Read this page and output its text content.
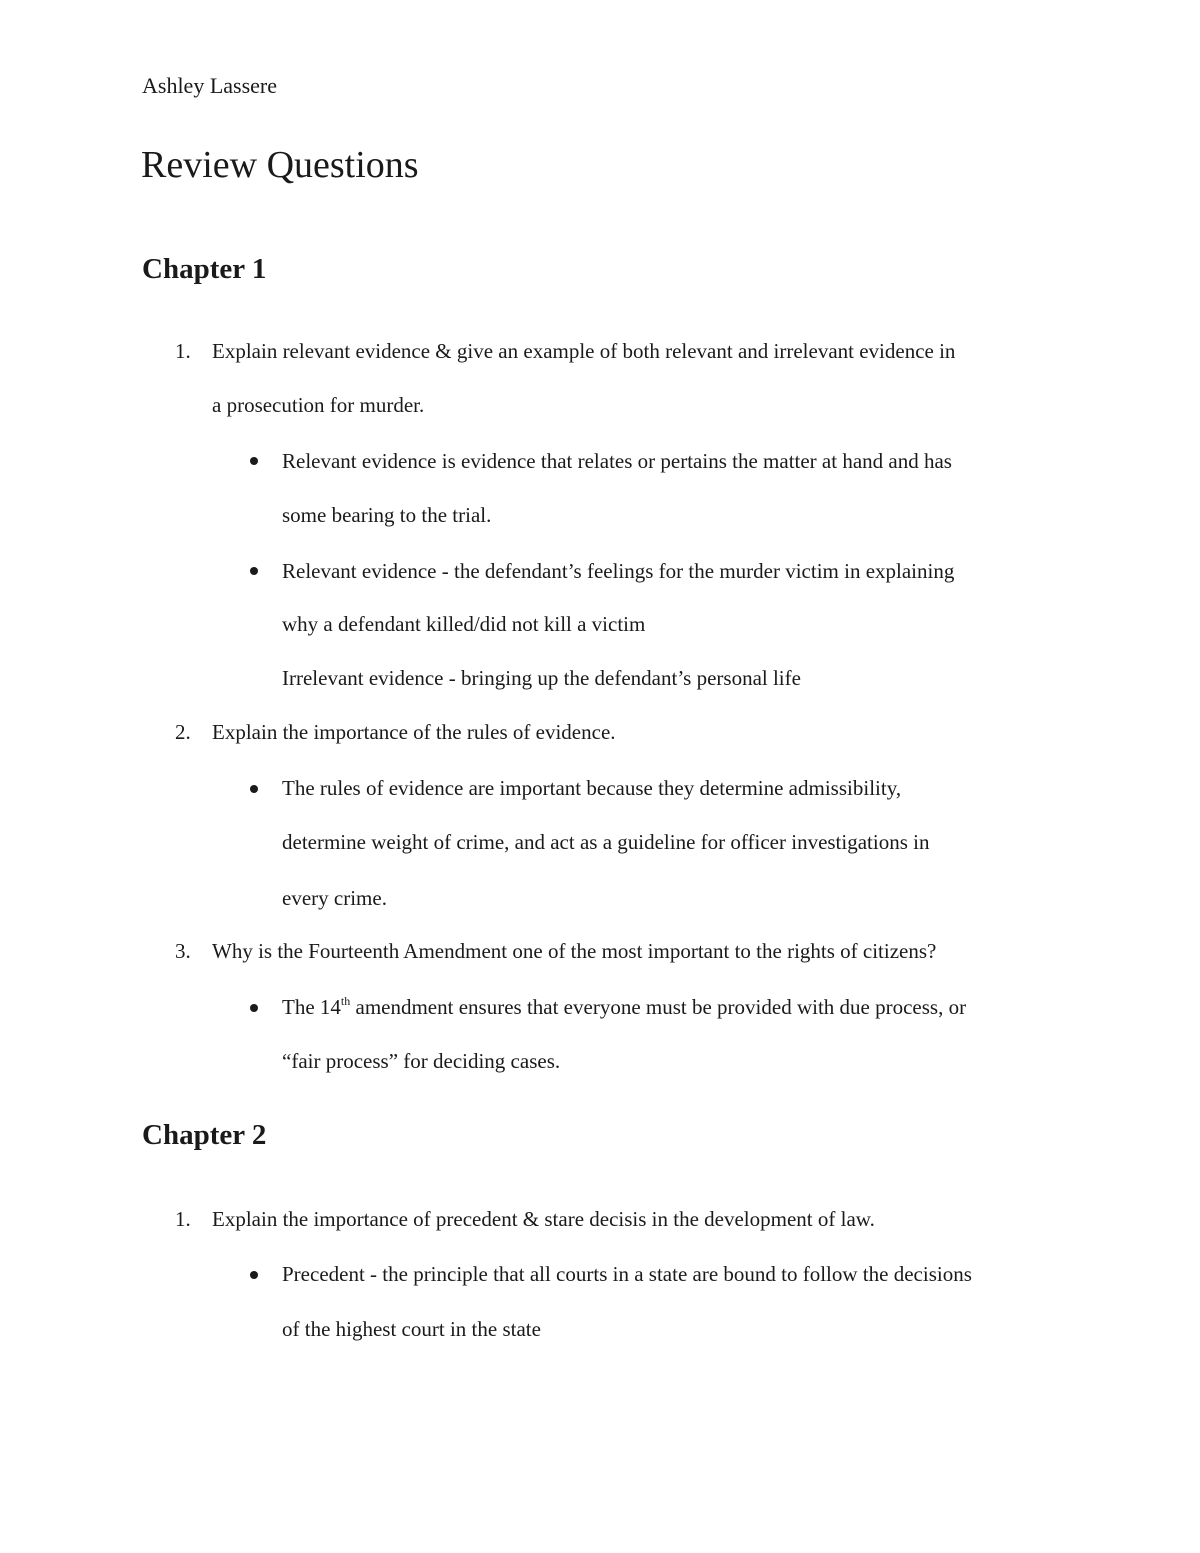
Ashley Lassere
Review Questions
Chapter 1
1. Explain relevant evidence & give an example of both relevant and irrelevant evidence in
a prosecution for murder.
Relevant evidence is evidence that relates or pertains the matter at hand and has
some bearing to the trial.
Relevant evidence - the defendant’s feelings for the murder victim in explaining
why a defendant killed/did not kill a victim
Irrelevant evidence - bringing up the defendant’s personal life
2. Explain the importance of the rules of evidence.
The rules of evidence are important because they determine admissibility,
determine weight of crime, and act as a guideline for officer investigations in
every crime.
3. Why is the Fourteenth Amendment one of the most important to the rights of citizens?
The 14th amendment ensures that everyone must be provided with due process, or
“fair process” for deciding cases.
Chapter 2
1. Explain the importance of precedent & stare decisis in the development of law.
Precedent - the principle that all courts in a state are bound to follow the decisions
of the highest court in the state
